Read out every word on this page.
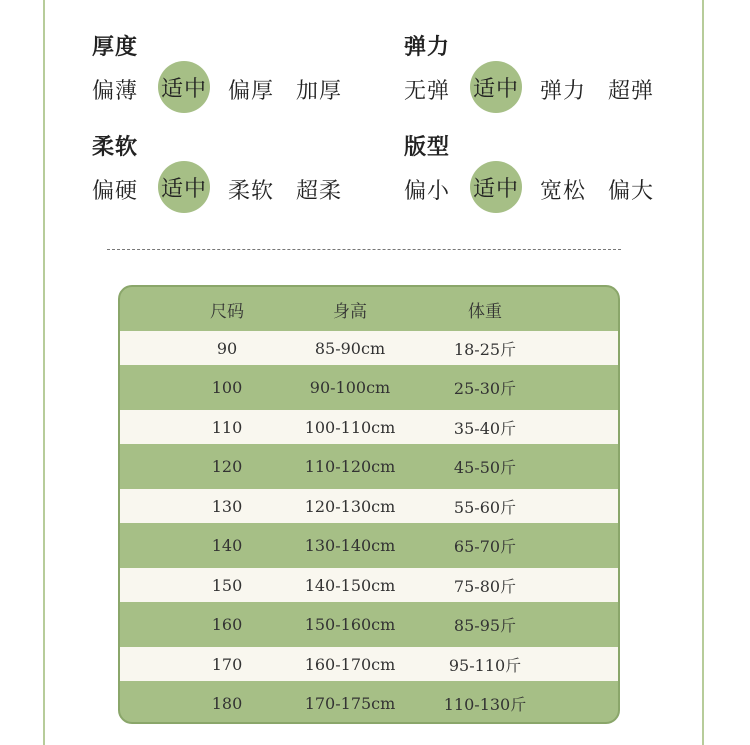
厚度
偏薄 适中 偏厚 加厚
弹力
无弹 适中 弹力 超弹
柔软
偏硬 适中 柔软 超柔
版型
偏小 适中 宽松 偏大
尺码	身高	体重
90	85-90cm	18-25斤
100	90-100cm	25-30斤
110	100-110cm	35-40斤
120	110-120cm	45-50斤
130	120-130cm	55-60斤
140	130-140cm	65-70斤
150	140-150cm	75-80斤
160	150-160cm	85-95斤
170	160-170cm	95-110斤
180	170-175cm	110-130斤
